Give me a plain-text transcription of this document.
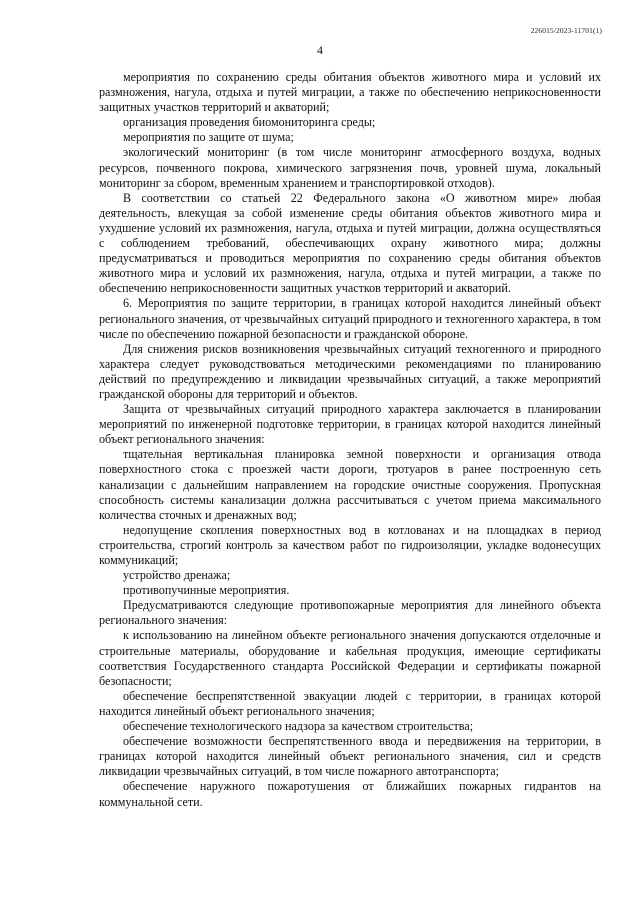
226015/2023-11701(1)
4

мероприятия по сохранению среды обитания объектов животного мира и условий их размножения, нагула, отдыха и путей миграции, а также по обеспечению неприкосновенности защитных участков территорий и акваторий;

организация проведения биомониторинга среды;

мероприятия по защите от шума;

экологический мониторинг (в том числе мониторинг атмосферного воздуха, водных ресурсов, почвенного покрова, химического загрязнения почв, уровней шума, локальный мониторинг за сбором, временным хранением и транспортировкой отходов).

В соответствии со статьей 22 Федерального закона «О животном мире» любая деятельность, влекущая за собой изменение среды обитания объектов животного мира и ухудшение условий их размножения, нагула, отдыха и путей миграции, должна осуществляться с соблюдением требований, обеспечивающих охрану животного мира; должны предусматриваться и проводиться мероприятия по сохранению среды обитания объектов животного мира и условий их размножения, нагула, отдыха и путей миграции, а также по обеспечению неприкосновенности защитных участков территорий и акваторий.

6. Мероприятия по защите территории, в границах которой находится линейный объект регионального значения, от чрезвычайных ситуаций природного и техногенного характера, в том числе по обеспечению пожарной безопасности и гражданской обороне.

Для снижения рисков возникновения чрезвычайных ситуаций техногенного и природного характера следует руководствоваться методическими рекомендациями по планированию действий по предупреждению и ликвидации чрезвычайных ситуаций, а также мероприятий гражданской обороны для территорий и объектов.

Защита от чрезвычайных ситуаций природного характера заключается в планировании мероприятий по инженерной подготовке территории, в границах которой находится линейный объект регионального значения:

тщательная вертикальная планировка земной поверхности и организация отвода поверхностного стока с проезжей части дороги, тротуаров в ранее построенную сеть канализации с дальнейшим направлением на городские очистные сооружения. Пропускная способность системы канализации должна рассчитываться с учетом приема максимального количества сточных и дренажных вод;

недопущение скопления поверхностных вод в котлованах и на площадках в период строительства, строгий контроль за качеством работ по гидроизоляции, укладке водонесущих коммуникаций;

устройство дренажа;

противопучинные мероприятия.

Предусматриваются следующие противопожарные мероприятия для линейного объекта регионального значения:

к использованию на линейном объекте регионального значения допускаются отделочные и строительные материалы, оборудование и кабельная продукция, имеющие сертификаты соответствия Государственного стандарта Российской Федерации и сертификаты пожарной безопасности;

обеспечение беспрепятственной эвакуации людей с территории, в границах которой находится линейный объект регионального значения;

обеспечение технологического надзора за качеством строительства;

обеспечение возможности беспрепятственного ввода и передвижения на территории, в границах которой находится линейный объект регионального значения, сил и средств ликвидации чрезвычайных ситуаций, в том числе пожарного автотранспорта;

обеспечение наружного пожаротушения от ближайших пожарных гидрантов на коммунальной сети.
